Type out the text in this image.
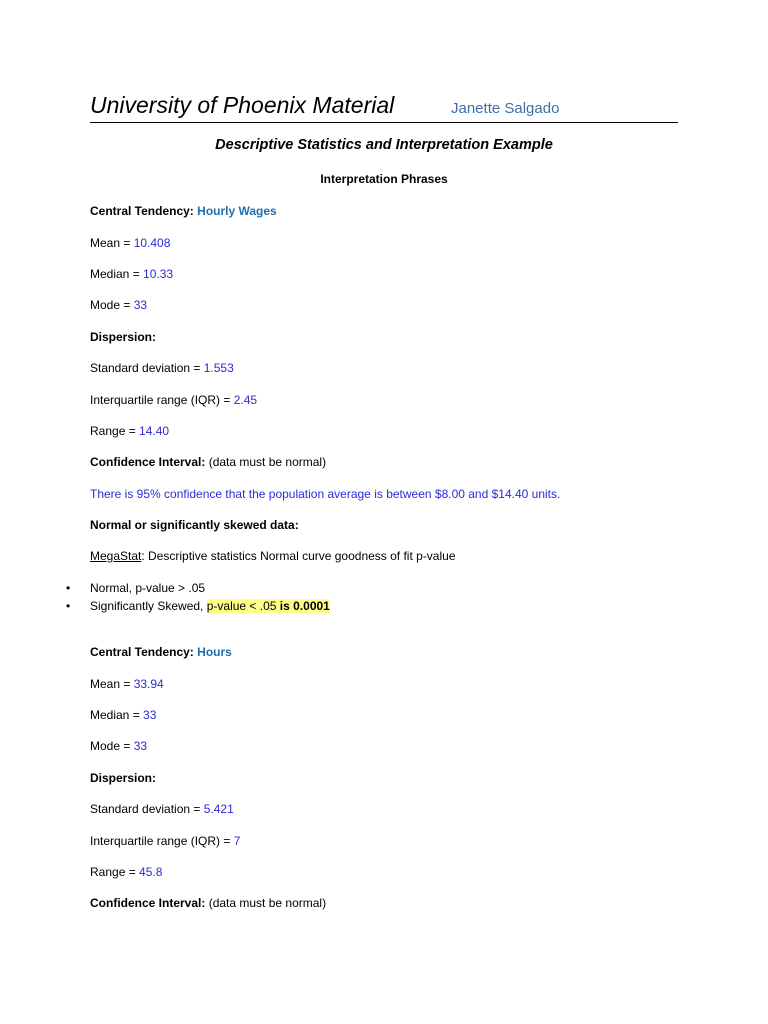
University of Phoenix Material	Janette Salgado
Descriptive Statistics and Interpretation Example
Interpretation Phrases
Central Tendency: Hourly Wages
Mean = 10.408
Median = 10.33
Mode = 33
Dispersion:
Standard deviation = 1.553
Interquartile range (IQR) = 2.45
Range = 14.40
Confidence Interval: (data must be normal)
There is 95% confidence that the population average is between $8.00 and $14.40 units.
Normal or significantly skewed data:
MegaStat: Descriptive statistics Normal curve goodness of fit p-value
• Normal, p-value > .05
• Significantly Skewed, p-value < .05 is 0.0001
Central Tendency: Hours
Mean = 33.94
Median = 33
Mode = 33
Dispersion:
Standard deviation = 5.421
Interquartile range (IQR) = 7
Range = 45.8
Confidence Interval: (data must be normal)
